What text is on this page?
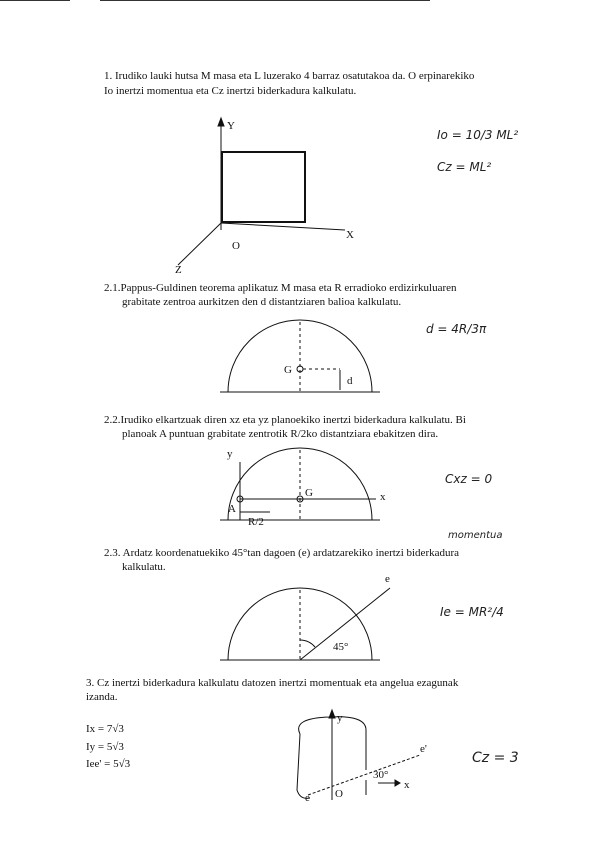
Y
X
Z
O
G
d
y
x
G
A
R/2
e
45°
y
x
e'
e O
30°
1. Irudiko lauki hutsa M masa eta L luzerako 4 barraz osatutakoa da. O erpinarekiko
Io inertzi momentua eta Cz inertzi biderkadura kalkulatu.
Io = 10/3 ML²
Cz = ML²
2.1.Pappus-Guldinen teorema aplikatuz M masa eta R erradioko erdizirkuluaren
grabitate zentroa aurkitzen den d distantziaren balioa kalkulatu.
d = 4R/3π
2.2.Irudiko elkartzuak diren xz eta yz planoekiko inertzi biderkadura kalkulatu. Bi
planoak A puntuan grabitate zentrotik R/2ko distantziara ebakitzen dira.
Cxz = 0
momentua
2.3. Ardatz koordenatuekiko 45°tan dagoen (e) ardatzarekiko inertzi biderkadura
kalkulatu.
Ie = MR²/4
3. Cz inertzi biderkadura kalkulatu datozen inertzi momentuak eta angelua ezagunak
izanda.
Ix = 7√3
Iy = 5√3
Iee' = 5√3	Cz = 3
